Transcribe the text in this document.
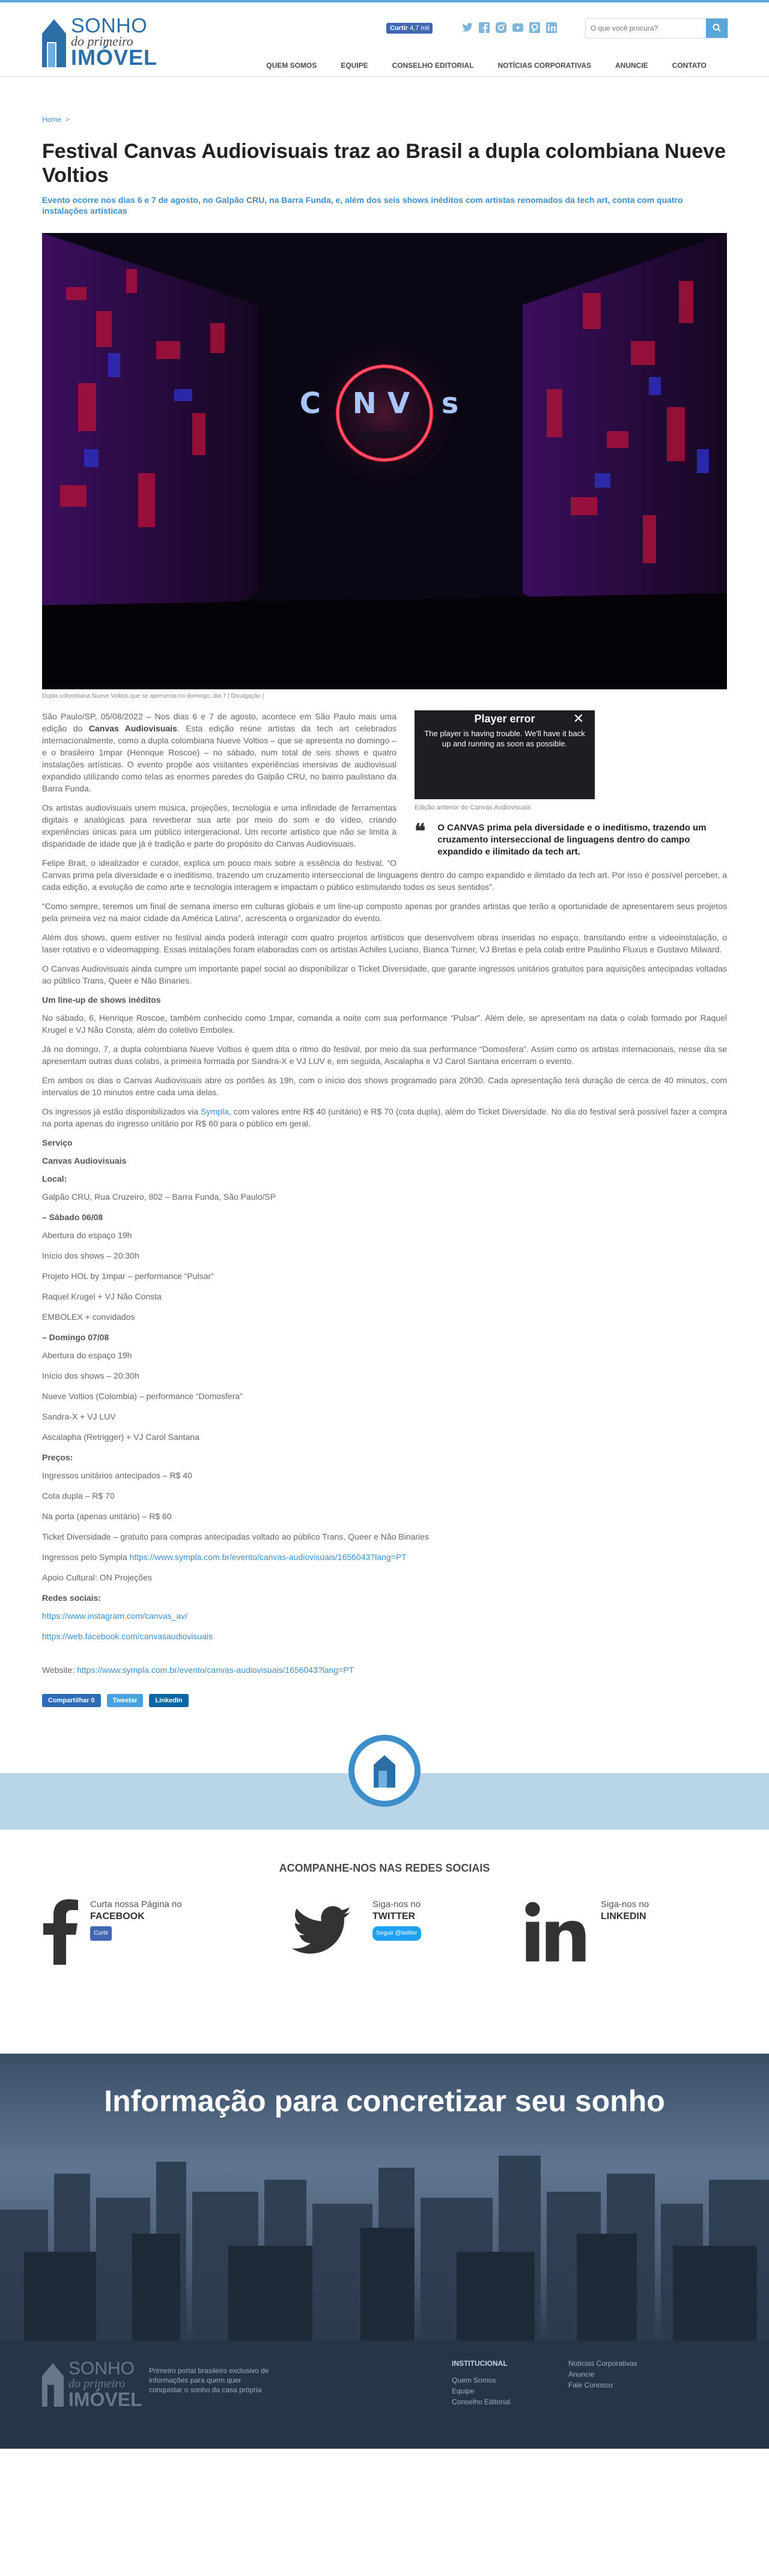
SONHO
do primeiro
IMÓVEL
Curtir 4,7 mil
O que você procura?
QUEM SOMOS	EQUIPE	CONSELHO EDITORIAL	NOTÍCIAS CORPORATIVAS	ANUNCIE	CONTATO
Home >
Festival Canvas Audiovisuais traz ao Brasil a dupla colombiana Nueve Voltios
Evento ocorre nos dias 6 e 7 de agosto, no Galpão CRU, na Barra Funda, e, além dos seis shows inéditos com artistas renomados da tech art, conta com quatro instalações artísticas
C NV s
Dupla colombiana Nueve Voltios que se apresenta no domingo, dia 7 | Divulgação |
Player error	✕
The player is having trouble. We'll have it back up and running as soon as possible.
Edição anterior do Canvas Audiovisuais
❝ O CANVAS prima pela diversidade e o ineditismo, trazendo um cruzamento interseccional de linguagens dentro do campo expandido e ilimitado da tech art.

São Paulo/SP, 05/08/2022 – Nos dias 6 e 7 de agosto, acontece em São Paulo mais uma edição do Canvas Audiovisuais. Esta edição reúne artistas da tech art celebrados internacionalmente, como a dupla colombiana Nueve Voltios – que se apresenta no domingo – e o brasileiro 1mpar (Henrique Roscoe) – no sábado, num total de seis shows e quatro instalações artísticas. O evento propõe aos visitantes experiências imersivas de audiovisual expandido utilizando como telas as enormes paredes do Galpão CRU, no bairro paulistano da Barra Funda.

Os artistas audiovisuais unem música, projeções, tecnologia e uma infinidade de ferramentas digitais e analógicas para reverberar sua arte por meio do som e do vídeo, criando experiências únicas para um público intergeracional. Um recorte artístico que não se limita à disparidade de idade que já é tradição e parte do propósito do Canvas Audiovisuais.

Felipe Brait, o idealizador e curador, explica um pouco mais sobre a essência do festival. “O Canvas prima pela diversidade e o ineditismo, trazendo um cruzamento interseccional de linguagens dentro do campo expandido e ilimitado da tech art. Por isso é possível perceber, a cada edição, a evolução de como arte e tecnologia interagem e impactam o público estimulando todos os seus sentidos”.

“Como sempre, teremos um final de semana imerso em culturas globais e um line-up composto apenas por grandes artistas que terão a oportunidade de apresentarem seus projetos pela primeira vez na maior cidade da América Latina”, acrescenta o organizador do evento.

Além dos shows, quem estiver no festival ainda poderá interagir com quatro projetos artísticos que desenvolvem obras inseridas no espaço, transitando entre a videoinstalação, o laser rotativo e o videomapping. Essas instalações foram elaboradas com os artistas Achiles Luciano, Bianca Turner, VJ Bretas e pela colab entre Paulinho Fluxus e Gustavo Milward.

O Canvas Audiovisuais ainda cumpre um importante papel social ao disponibilizar o Ticket Diversidade, que garante ingressos unitários gratuitos para aquisições antecipadas voltadas ao público Trans, Queer e Não Binaries.

Um line-up de shows inéditos

No sábado, 6, Henrique Roscoe, também conhecido como 1mpar, comanda a noite com sua performance “Pulsar”. Além dele, se apresentam na data o colab formado por Raquel Krugel e VJ Não Consta, além do coletivo Embolex.

Já no domingo, 7, a dupla colombiana Nueve Voltios é quem dita o ritmo do festival, por meio da sua performance “Domosfera”. Assim como os artistas internacionais, nesse dia se apresentam outras duas colabs, a primeira formada por Sandra-X e VJ LUV e, em seguida, Ascalapha e VJ Carol Santana encerram o evento.

Em ambos os dias o Canvas Audiovisuais abre os portões às 19h, com o início dos shows programado para 20h30. Cada apresentação terá duração de cerca de 40 minutos, com intervalos de 10 minutos entre cada uma delas.

Os ingressos já estão disponibilizados via Sympla, com valores entre R$ 40 (unitário) e R$ 70 (cota dupla), além do Ticket Diversidade. No dia do festival será possível fazer a compra na porta apenas do ingresso unitário por R$ 60 para o público em geral.

Serviço
Canvas Audiovisuais
Local:
Galpão CRU, Rua Cruzeiro, 802 – Barra Funda, São Paulo/SP
– Sábado 06/08
Abertura do espaço 19h
Início dos shows – 20:30h
Projeto HOL by 1mpar – performance “Pulsar”
Raquel Krugel + VJ Não Consta
EMBOLEX + convidados
– Domingo 07/08
Abertura do espaço 19h
Início dos shows – 20:30h
Nueve Voltios (Colombia) – performance “Domosfera”
Sandra-X + VJ LUV
Ascalapha (Retrigger) + VJ Carol Santana
Preços:
Ingressos unitários antecipados – R$ 40
Cota dupla – R$ 70
Na porta (apenas unitário) – R$ 60
Ticket Diversidade – gratuito para compras antecipadas voltado ao público Trans, Queer e Não Binaries
Ingressos pelo Sympla https://www.sympla.com.br/evento/canvas-audiovisuais/1656043?lang=PT
Apoio Cultural: ON Projeções
Redes sociais:
https://www.instagram.com/canvas_av/
https://web.facebook.com/canvasaudiovisuais
Website: https://www.sympla.com.br/evento/canvas-audiovisuais/1656043?lang=PT
Compartilhar 0	Tweetar	LinkedIn
ACOMPANHE-NOS NAS REDES SOCIAIS
Curta nossa Página no
FACEBOOK
Curtir
Siga-nos no
TWITTER
Seguir @twitter
Siga-nos no
LINKEDIN
Informação para concretizar seu sonho
SONHO
do primeiro
IMÓVEL
Primeiro portal brasileiro exclusivo de informações para quem quer conquistar o sonho da casa própria
INSTITUCIONAL
Quem Somos
Equipe
Conselho Editorial
Notícias Corporativas
Anuncie
Fale Conosco
